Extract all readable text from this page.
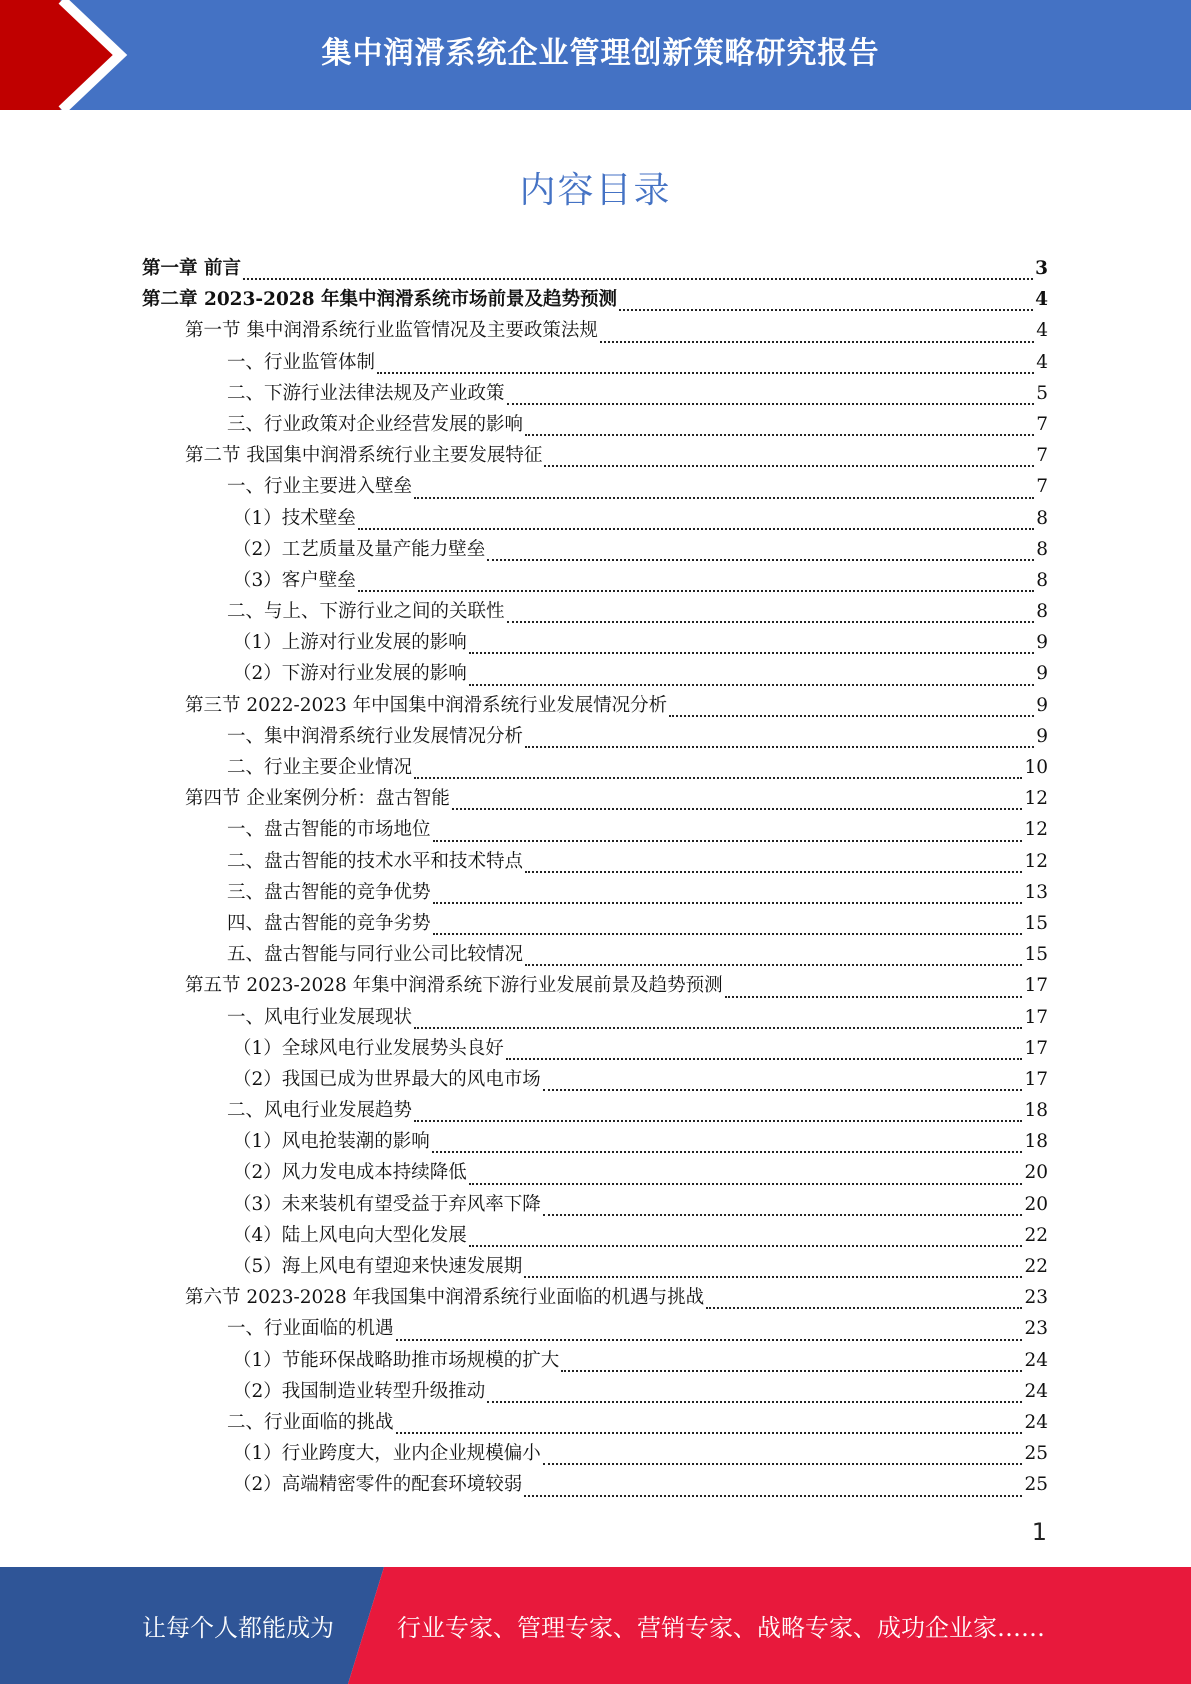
集中润滑系统企业管理创新策略研究报告
内容目录
第一章 前言	3
第二章 2023-2028 年集中润滑系统市场前景及趋势预测	4
第一节 集中润滑系统行业监管情况及主要政策法规	4
一、行业监管体制	4
二、下游行业法律法规及产业政策	5
三、行业政策对企业经营发展的影响	7
第二节 我国集中润滑系统行业主要发展特征	7
一、行业主要进入壁垒	7
（1）技术壁垒	8
（2）工艺质量及量产能力壁垒	8
（3）客户壁垒	8
二、与上、下游行业之间的关联性	8
（1）上游对行业发展的影响	9
（2）下游对行业发展的影响	9
第三节 2022-2023 年中国集中润滑系统行业发展情况分析	9
一、集中润滑系统行业发展情况分析	9
二、行业主要企业情况	10
第四节 企业案例分析：盘古智能	12
一、盘古智能的市场地位	12
二、盘古智能的技术水平和技术特点	12
三、盘古智能的竞争优势	13
四、盘古智能的竞争劣势	15
五、盘古智能与同行业公司比较情况	15
第五节 2023-2028 年集中润滑系统下游行业发展前景及趋势预测	17
一、风电行业发展现状	17
（1）全球风电行业发展势头良好	17
（2）我国已成为世界最大的风电市场	17
二、风电行业发展趋势	18
（1）风电抢装潮的影响	18
（2）风力发电成本持续降低	20
（3）未来装机有望受益于弃风率下降	20
（4）陆上风电向大型化发展	22
（5）海上风电有望迎来快速发展期	22
第六节 2023-2028 年我国集中润滑系统行业面临的机遇与挑战	23
一、行业面临的机遇	23
（1）节能环保战略助推市场规模的扩大	24
（2）我国制造业转型升级推动	24
二、行业面临的挑战	24
（1）行业跨度大，业内企业规模偏小	25
（2）高端精密零件的配套环境较弱	25
1
让每个人都能成为	行业专家、管理专家、营销专家、战略专家、成功企业家……
